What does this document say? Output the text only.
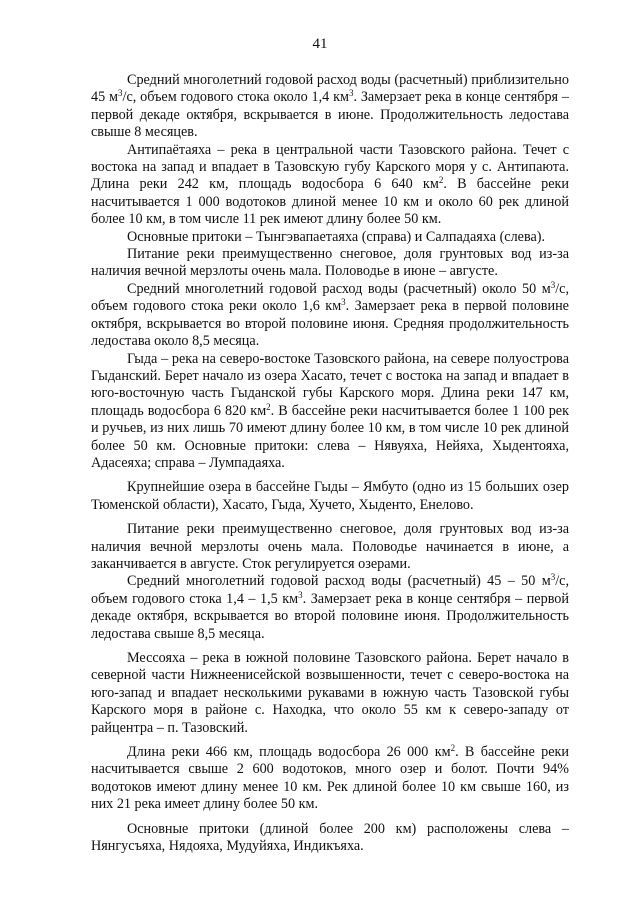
41

Средний многолетний годовой расход воды (расчетный) приблизительно 45 $м^3/с$, объем годового стока около 1,4 $км^3$. Замерзает река в конце сентября – первой декаде октября, вскрывается в июне. Продолжительность ледостава свыше 8 месяцев.

Антипаётаяха – река в центральной части Тазовского района. Течет с востока на запад и впадает в Тазовскую губу Карского моря у с. Антипаюта. Длина реки 242 км, площадь водосбора 6 640 $км^2$. В бассейне реки насчитывается 1 000 водотоков длиной менее 10 км и около 60 рек длиной более 10 км, в том числе 11 рек имеют длину более 50 км.

Основные притоки – Тынгэвапаетаяха (справа) и Салпадаяха (слева).

Питание реки преимущественно снеговое, доля грунтовых вод из-за наличия вечной мерзлоты очень мала. Половодье в июне – августе.

Средний многолетний годовой расход воды (расчетный) около 50 $м^3/с$, объем годового стока реки около 1,6 $км^3$. Замерзает река в первой половине октября, вскрывается во второй половине июня. Средняя продолжительность ледостава около 8,5 месяца.

Гыда – река на северо-востоке Тазовского района, на севере полуострова Гыданский. Берет начало из озера Хасато, течет с востока на запад и впадает в юго-восточную часть Гыданской губы Карского моря. Длина реки 147 км, площадь водосбора 6 820 $км^2$. В бассейне реки насчитывается более 1 100 рек и ручьев, из них лишь 70 имеют длину более 10 км, в том числе 10 рек длиной более 50 км. Основные притоки: слева – Нявуяха, Нейяха, Хыдентояха, Адасеяха; справа – Лумпадаяха.

Крупнейшие озера в бассейне Гыды – Ямбуто (одно из 15 больших озер Тюменской области), Хасато, Гыда, Хучето, Хыденто, Енелово.

Питание реки преимущественно снеговое, доля грунтовых вод из-за наличия вечной мерзлоты очень мала. Половодье начинается в июне, а заканчивается в августе. Сток регулируется озерами.

Средний многолетний годовой расход воды (расчетный) 45 – 50 $м^3/с$, объем годового стока 1,4 – 1,5 $км^3$. Замерзает река в конце сентября – первой декаде октября, вскрывается во второй половине июня. Продолжительность ледостава свыше 8,5 месяца.

Мессояха – река в южной половине Тазовского района. Берет начало в северной части Нижнеенисейской возвышенности, течет с северо-востока на юго-запад и впадает несколькими рукавами в южную часть Тазовской губы Карского моря в районе с. Находка, что около 55 км к северо-западу от райцентра – п. Тазовский.

Длина реки 466 км, площадь водосбора 26 000 $км^2$. В бассейне реки насчитывается свыше 2 600 водотоков, много озер и болот. Почти 94% водотоков имеют длину менее 10 км. Рек длиной более 10 км свыше 160, из них 21 река имеет длину более 50 км.

Основные притоки (длиной более 200 км) расположены слева – Нянгусъяха, Нядояха, Мудуйяха, Индикъяха.
